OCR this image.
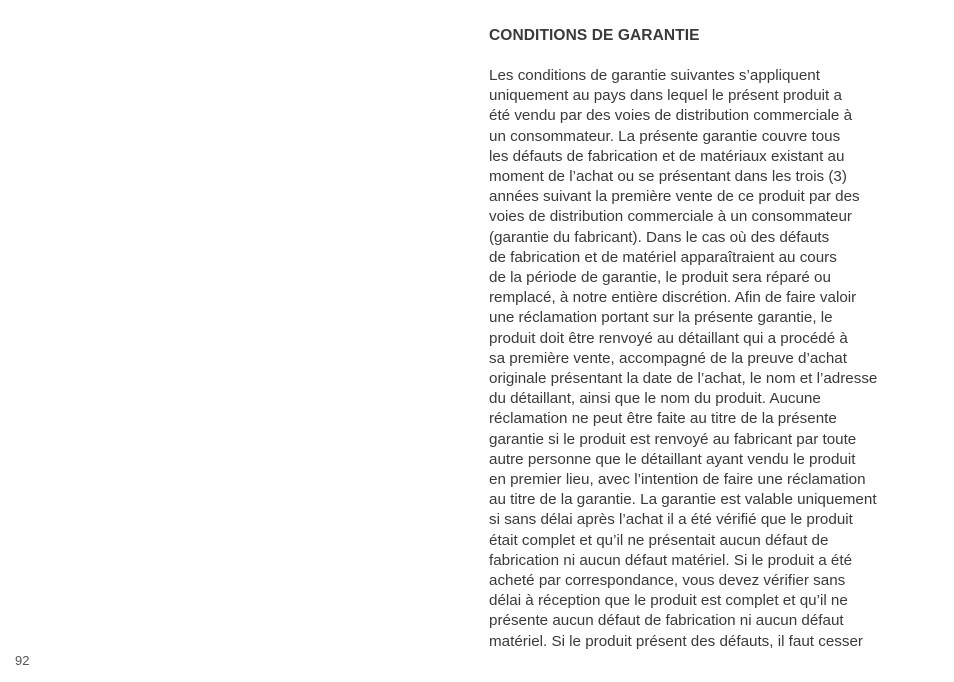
CONDITIONS DE GARANTIE
Les conditions de garantie suivantes s’appliquent
uniquement au pays dans lequel le présent produit a
été vendu par des voies de distribution commerciale à
un consommateur. La présente garantie couvre tous
les défauts de fabrication et de matériaux existant au
moment de l’achat ou se présentant dans les trois (3)
années suivant la première vente de ce produit par des
voies de distribution commerciale à un consommateur
(garantie du fabricant). Dans le cas où des défauts
de fabrication et de matériel apparaîtraient au cours
de la période de garantie, le produit sera réparé ou
remplacé, à notre entière discrétion. Afin de faire valoir
une réclamation portant sur la présente garantie, le
produit doit être renvoyé au détaillant qui a procédé à
sa première vente, accompagné de la preuve d’achat
originale présentant la date de l’achat, le nom et l’adresse
du détaillant, ainsi que le nom du produit. Aucune
réclamation ne peut être faite au titre de la présente
garantie si le produit est renvoyé au fabricant par toute
autre personne que le détaillant ayant vendu le produit
en premier lieu, avec l’intention de faire une réclamation
au titre de la garantie. La garantie est valable uniquement
si sans délai après l’achat il a été vérifié que le produit
était complet et qu’il ne présentait aucun défaut de
fabrication ni aucun défaut matériel. Si le produit a été
acheté par correspondance, vous devez vérifier sans
délai à réception que le produit est complet et qu’il ne
présente aucun défaut de fabrication ni aucun défaut
matériel. Si le produit présent des défauts, il faut cesser
92
